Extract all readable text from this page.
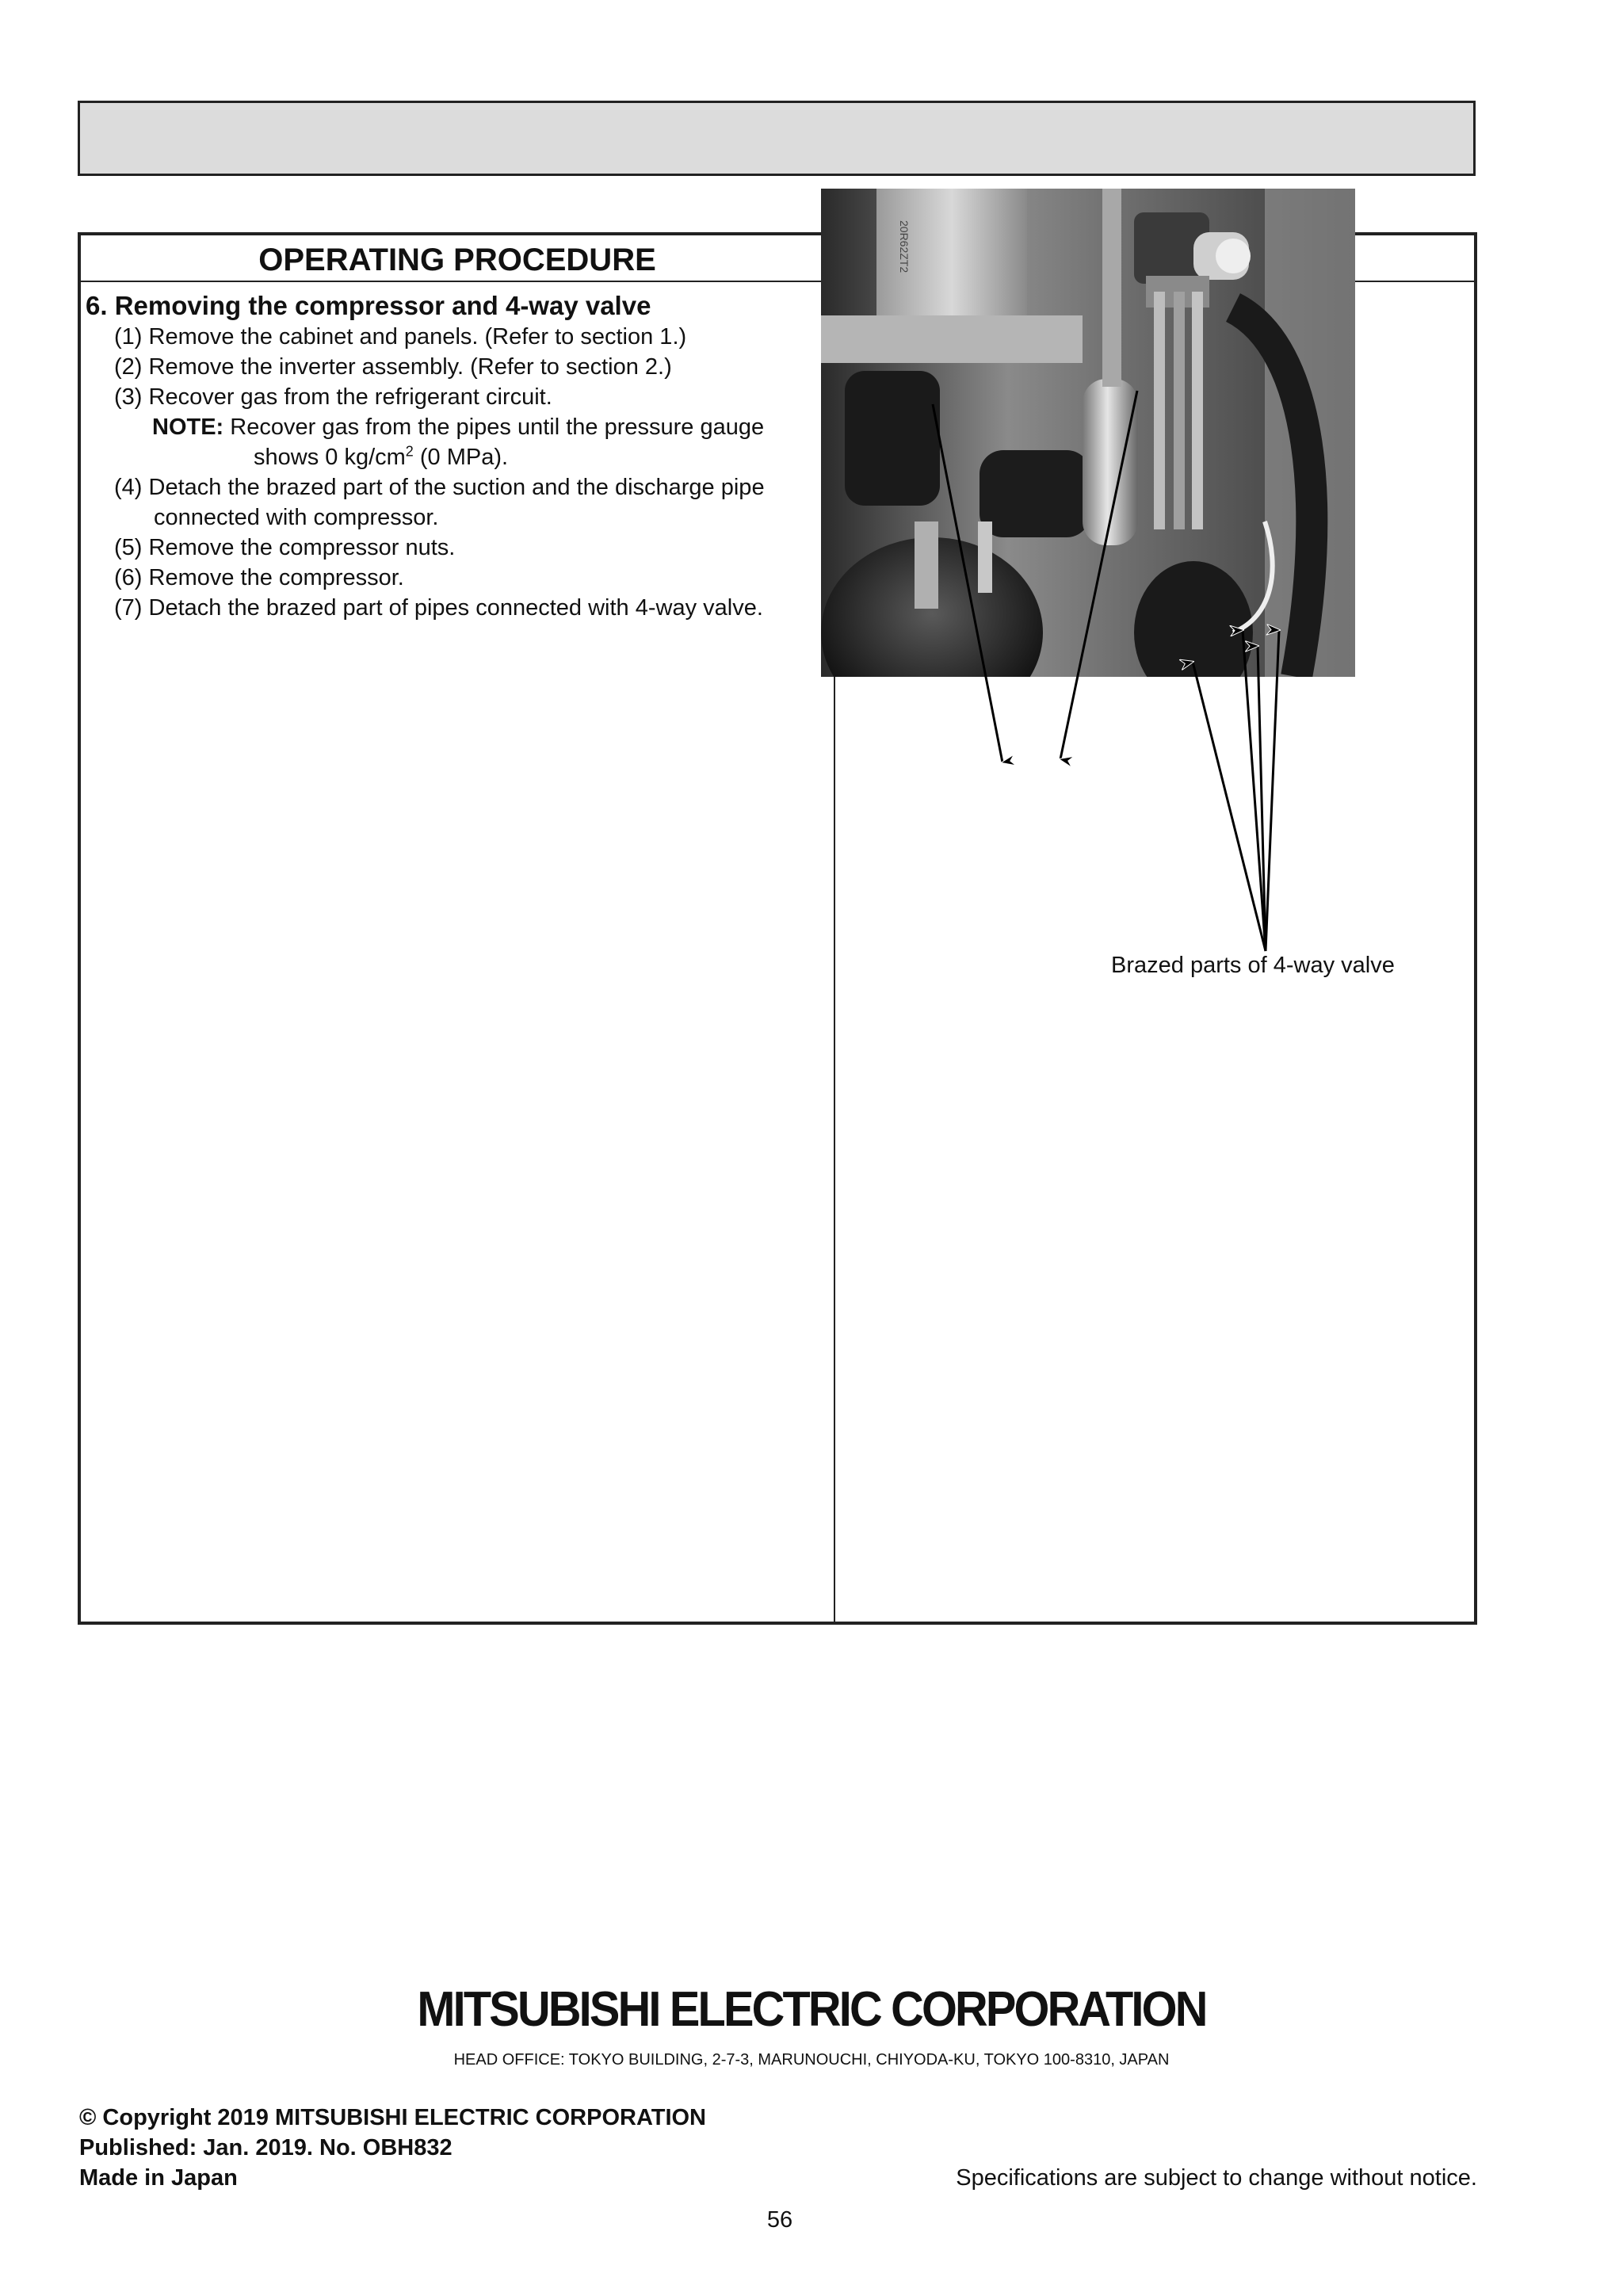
OPERATING PROCEDURE
6. Removing the compressor and 4-way valve
(1) Remove the cabinet and panels. (Refer to section 1.)
(2) Remove the inverter assembly. (Refer to section 2.)
(3) Recover gas from the refrigerant circuit.
NOTE: Recover gas from the pipes until the pressure gauge
shows 0 $kg/cm^2$ (0 MPa).
(4) Detach the brazed part of the suction and the discharge pipe
connected with compressor.
(5) Remove the compressor nuts.
(6) Remove the compressor.
(7) Detach the brazed part of pipes connected with 4-way valve.
20R62ZT2
Brazed parts of 4-way valve
MITSUBISHI ELECTRIC CORPORATION
HEAD OFFICE: TOKYO BUILDING, 2-7-3, MARUNOUCHI, CHIYODA-KU, TOKYO 100-8310, JAPAN
© Copyright 2019 MITSUBISHI ELECTRIC CORPORATION
Published: Jan. 2019. No. OBH832
Made in Japan	Specifications are subject to change without notice.
56
